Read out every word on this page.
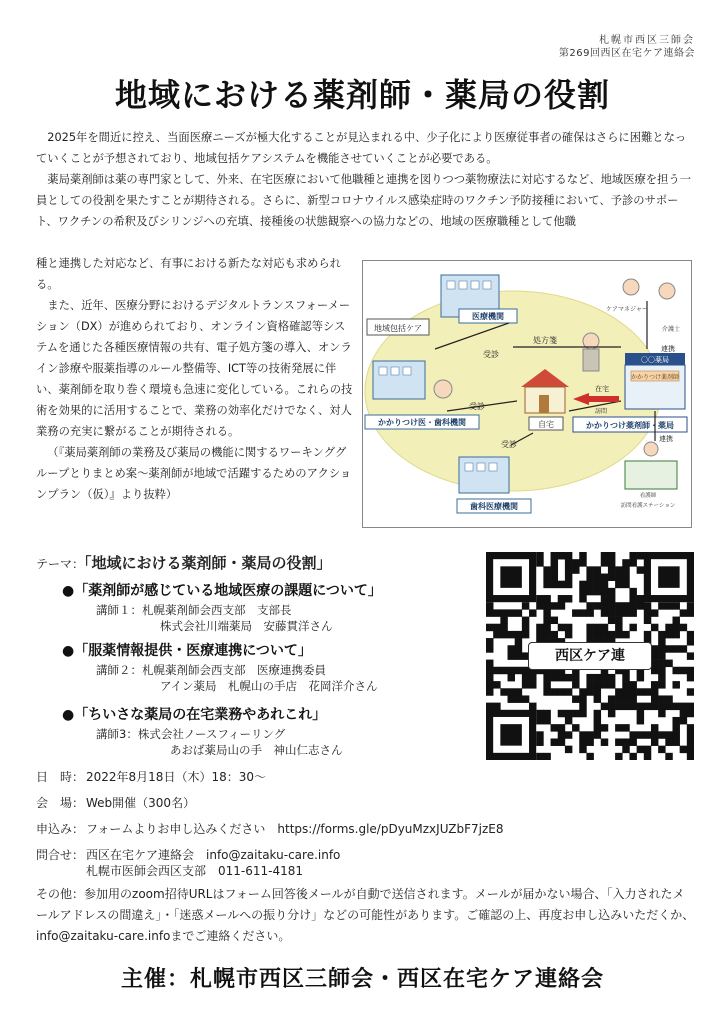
札幌市西区三師会
第269回西区在宅ケア連絡会
地域における薬剤師・薬局の役割

2025年を間近に控え、当面医療ニーズが極大化することが見込まれる中、少子化により医療従事者の確保はさらに困難となっていくことが予想されており、地域包括ケアシステムを機能させていくことが必要である。

薬局薬剤師は薬の専門家として、外来、在宅医療において他職種と連携を図りつつ薬物療法に対応するなど、地域医療を担う一員としての役割を果たすことが期待される。さらに、新型コロナウイルス感染症時のワクチン予防接種において、予診のサポート、ワクチンの希釈及びシリンジへの充填、接種後の状態観察への協力などの、地域の医療職種として他職

種と連携した対応など、有事における新たな対応も求められる。

また、近年、医療分野におけるデジタルトランスフォーメーション（DX）が進められており、オンライン資格確認等システムを通じた各種医療情報の共有、電子処方箋の導入、オンライン診療や服薬指導のルール整備等、ICT等の技術発展に伴い、薬剤師を取り巻く環境も急速に変化している。これらの技術を効果的に活用することで、業務の効率化だけでなく、対人業務の充実に繋がることが期待される。

（『薬局薬剤師の業務及び薬局の機能に関するワーキンググループとりまとめ案～薬剤師が地域で活躍するためのアクションプラン（仮）』より抜粋）

地域包括ケア
医療機関
かかりつけ医・歯科機関	自宅
〇〇薬局
かかりつけ薬剤師
かかりつけ薬剤師・薬局
ケアマネジャー
介護士
歯科医療機関
看護師
訪問看護ステーション
受診
処方箋
受診
受診
連携
連携
在宅
訪問
テーマ：「地域における薬剤師・薬局の役割」
●「薬剤師が感じている地域医療の課題について」
講師１：札幌薬剤師会西支部　支部長
株式会社川端薬局　安藤貫洋さん
●「服薬情報提供・医療連携について」
講師２：札幌薬剤師会西支部　医療連携委員
アイン薬局　札幌山の手店　花岡洋介さん
●「ちいさな薬局の在宅業務やあれこれ」
講師3：株式会社ノースフィーリング
あおば薬局山の手　神山仁志さん
西区ケア連
日　時： 2022年8月18日（木）18：30～
会　場： Web開催（300名）
申込み： フォームよりお申し込みください　https://forms.gle/pDyuMzxJUZbF7jzE8
問合せ： 西区在宅ケア連絡会　info@zaitaku-care.info
札幌市医師会西区支部　011-611-4181
その他：参加用のzoom招待URLはフォーム回答後メールが自動で送信されます。メールが届かない場合、「入力されたメールアドレスの間違え」・「迷惑メールへの振り分け」などの可能性があります。ご確認の上、再度お申し込みいただくか、info@zaitaku-care.infoまでご連絡ください。
主催：札幌市西区三師会・西区在宅ケア連絡会
